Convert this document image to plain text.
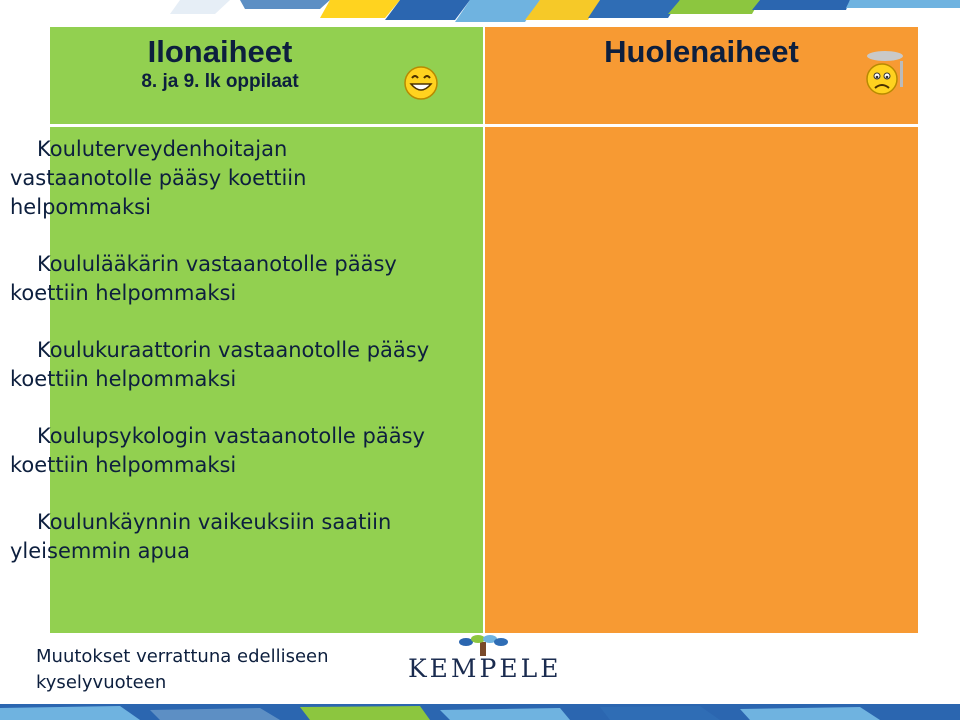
Ilonaiheet
8. ja 9. lk oppilaat
Huolenaiheet
Kouluterveydenhoitajan vastaanotolle pääsy koettiin helpommaksi
Koululääkärin vastaanotolle pääsy koettiin helpommaksi
Koulukuraattorin vastaanotolle pääsy koettiin helpommaksi
Koulupsykologin vastaanotolle pääsy koettiin helpommaksi
Koulunkäynnin vaikeuksiin saatiin yleisemmin apua
Muutokset verrattuna edelliseen kyselyvuoteen	KEMPELE
